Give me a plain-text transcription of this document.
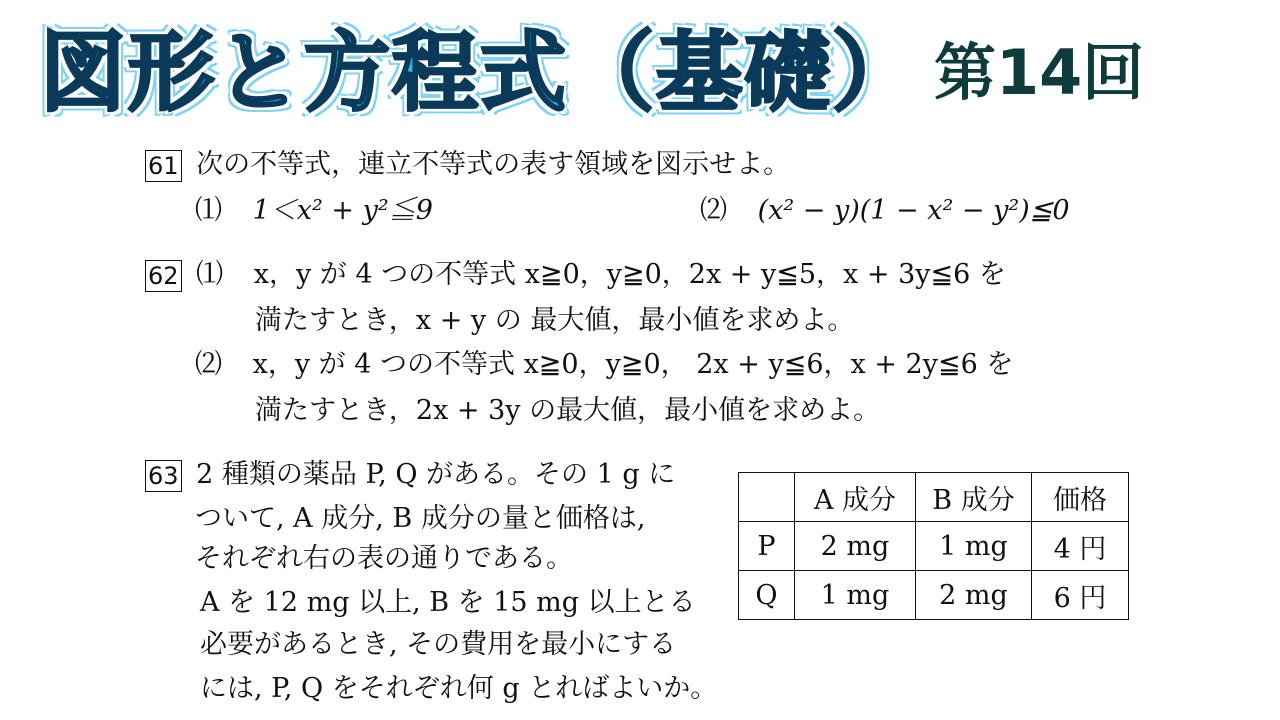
図形と方程式（基礎） 第14回
61 次の不等式，連立不等式の表す領域を図示せよ。
⑴ 1＜x² + y²≦9	⑵ (x² − y)(1 − x² − y²)≦0
62 ⑴ x，y が 4 つの不等式 x≧0，y≧0，2x + y≦5，x + 3y≦6 を
満たすとき，x + y の 最大値，最小値を求めよ。
⑵ x，y が 4 つの不等式 x≧0，y≧0， 2x + y≦6，x + 2y≦6 を
満たすとき，2x + 3y の最大値，最小値を求めよ。
63 2 種類の薬品 P, Q がある。その 1 g に
ついて, A 成分, B 成分の量と価格は,
それぞれ右の表の通りである。
A を 12 mg 以上, B を 15 mg 以上とる
必要があるとき, その費用を最小にする
には, P, Q をそれぞれ何 g とればよいか。
	A 成分	B 成分	価格
P	2 mg	1 mg	4 円
Q	1 mg	2 mg	6 円
